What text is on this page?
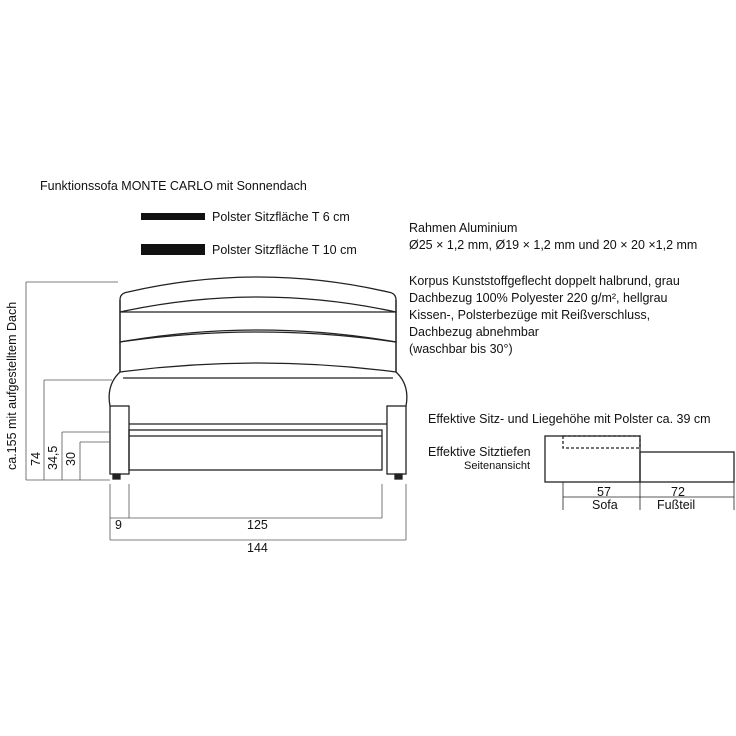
Funktionssofa MONTE CARLO mit Sonnendach
Polster Sitzfläche T 6 cm
Polster Sitzfläche T 10 cm
Rahmen Aluminium
Ø25 × 1,2 mm, Ø19 × 1,2 mm und 20 × 20 ×1,2 mm
Korpus Kunststoffgeflecht doppelt halbrund, grau
Dachbezug 100% Polyester 220 g/m², hellgrau
Kissen-, Polsterbezüge mit Reißverschluss,
Dachbezug abnehmbar
(waschbar bis 30°)
ca.155 mit aufgestelltem Dach 74 34,5 30
9	125
144
Effektive Sitz- und Liegehöhe mit Polster ca. 39 cm
Effektive Sitztiefen
Seitenansicht
57
Sofa
72
Fußteil
